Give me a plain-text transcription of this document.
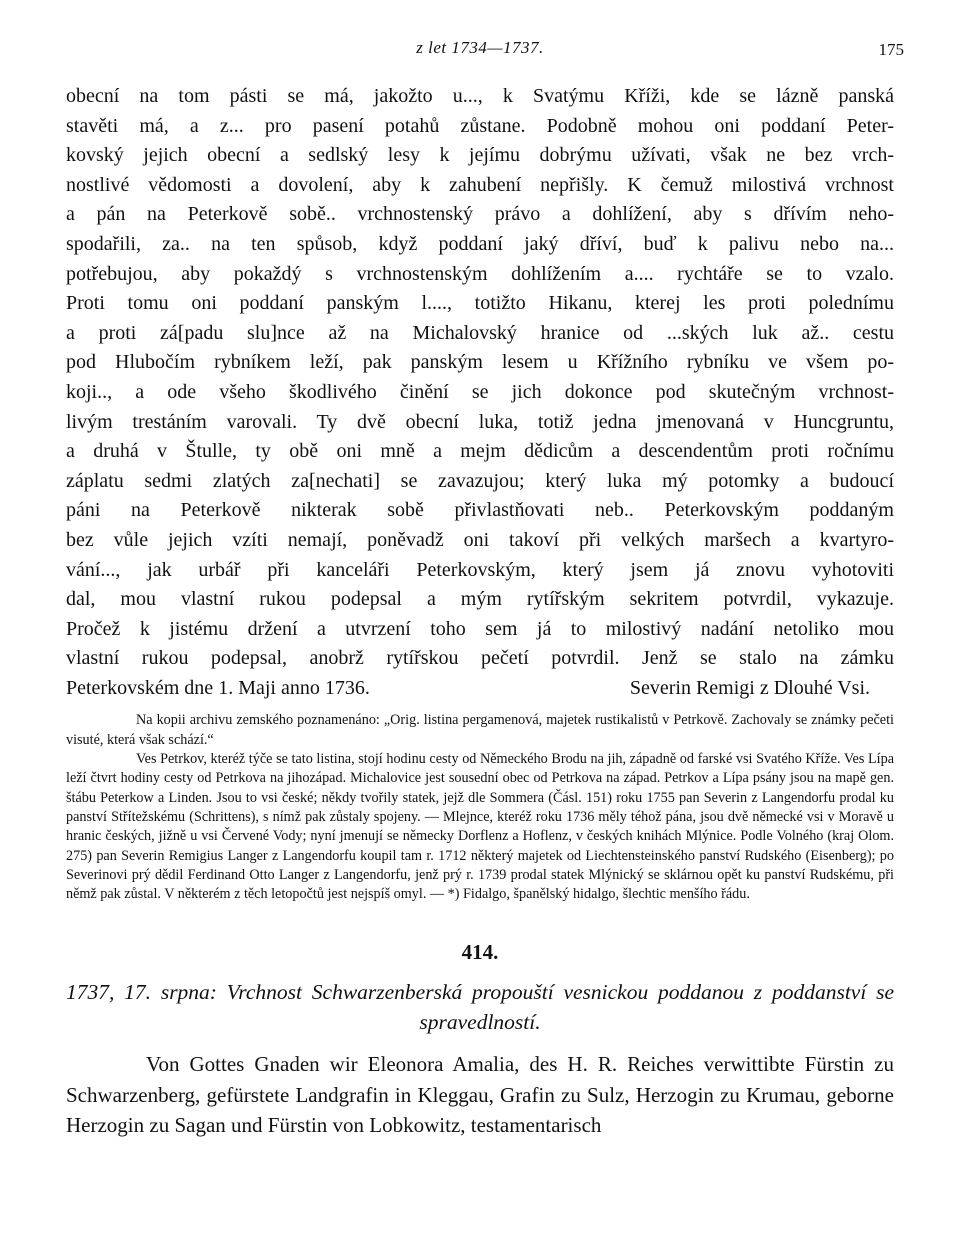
z let 1734—1737.	175
obecní na tom pásti se má, jakožto u..., k Svatýmu Kříži, kde se lázně panská
stavěti má, a z... pro pasení potahů zůstane. Podobně mohou oni poddaní Peter-
kovský jejich obecní a sedlský lesy k jejímu dobrýmu užívati, však ne bez vrch-
nostlivé vědomosti a dovolení, aby k zahubení nepřišly. K čemuž milostivá vrchnost
a pán na Peterkově sobě.. vrchnostenský právo a dohlížení, aby s dřívím neho-
spodařili, za.. na ten spůsob, když poddaní jaký dříví, buď k palivu nebo na...
potřebujou, aby pokaždý s vrchnostenským dohlížením a.... rychtáře se to vzalo.
Proti tomu oni poddaní panským l...., totižto Hikanu, kterej les proti polednímu
a proti zá[padu slu]nce až na Michalovský hranice od ...ských luk až.. cestu
pod Hlubočím rybníkem leží, pak panským lesem u Křížního rybníku ve všem po-
koji.., a ode všeho škodlivého činění se jich dokonce pod skutečným vrchnost-
livým trestáním varovali. Ty dvě obecní luka, totiž jedna jmenovaná v Huncgruntu,
a druhá v Štulle, ty obě oni mně a mejm dědicům a descendentům proti ročnímu
záplatu sedmi zlatých za[nechati] se zavazujou; který luka mý potomky a budoucí
páni na Peterkově nikterak sobě přivlastňovati neb.. Peterkovským poddaným
bez vůle jejich vzíti nemají, poněvadž oni takoví při velkých maršech a kvartyro-
vání..., jak urbář při kanceláři Peterkovským, který jsem já znovu vyhotoviti
dal, mou vlastní rukou podepsal a mým rytířským sekritem potvrdil, vykazuje.
Pročež k jistému držení a utvrzení toho sem já to milostivý nadání netoliko mou
vlastní rukou podepsal, anobrž rytířskou pečetí potvrdil. Jenž se stalo na zámku
Peterkovském dne 1. Maji anno 1736.	Severin Remigi z Dlouhé Vsi.

Na kopii archivu zemského poznamenáno: „Orig. listina pergamenová, majetek rustikalistů v Petrkově. Zachovaly se známky pečeti visuté, která však schází.“

Ves Petrkov, kteréž týče se tato listina, stojí hodinu cesty od Německého Brodu na jih, západně od farské vsi Svatého Kříže. Ves Lípa leží čtvrt hodiny cesty od Petrkova na jihozápad. Michalovice jest sousední obec od Petrkova na západ. Petrkov a Lípa psány jsou na mapě gen. štábu Peterkow a Linden. Jsou to vsi české; někdy tvořily statek, jejž dle Sommera (Čásl. 151) roku 1755 pan Severin z Langendorfu prodal ku panství Střítežskému (Schrittens), s nímž pak zůstaly spojeny. — Mlejnce, kteréž roku 1736 měly téhož pána, jsou dvě německé vsi v Moravě u hranic českých, jižně u vsi Červené Vody; nyní jmenují se německy Dorflenz a Hoflenz, v českých knihách Mlýnice. Podle Volného (kraj Olom. 275) pan Severin Remigius Langer z Langendorfu koupil tam r. 1712 některý majetek od Liechtensteinského panství Rudského (Eisenberg); po Severinovi prý dědil Ferdinand Otto Langer z Langendorfu, jenž prý r. 1739 prodal statek Mlýnický se sklárnou opět ku panství Rudskému, při němž pak zůstal. V některém z těch letopočtů jest nejspíš omyl. — *) Fidalgo, španělský hidalgo, šlechtic menšího řádu.

414.
1737, 17. srpna: Vrchnost Schwarzenberská propouští vesnickou poddanou z poddanství se spravedlností.
Von Gottes Gnaden wir Eleonora Amalia, des H. R. Reiches verwittibte Fürstin zu Schwarzenberg, gefürstete Landgrafin in Kleggau, Grafin zu Sulz, Herzogin zu Krumau, geborne Herzogin zu Sagan und Fürstin von Lobkowitz, testamentarisch
